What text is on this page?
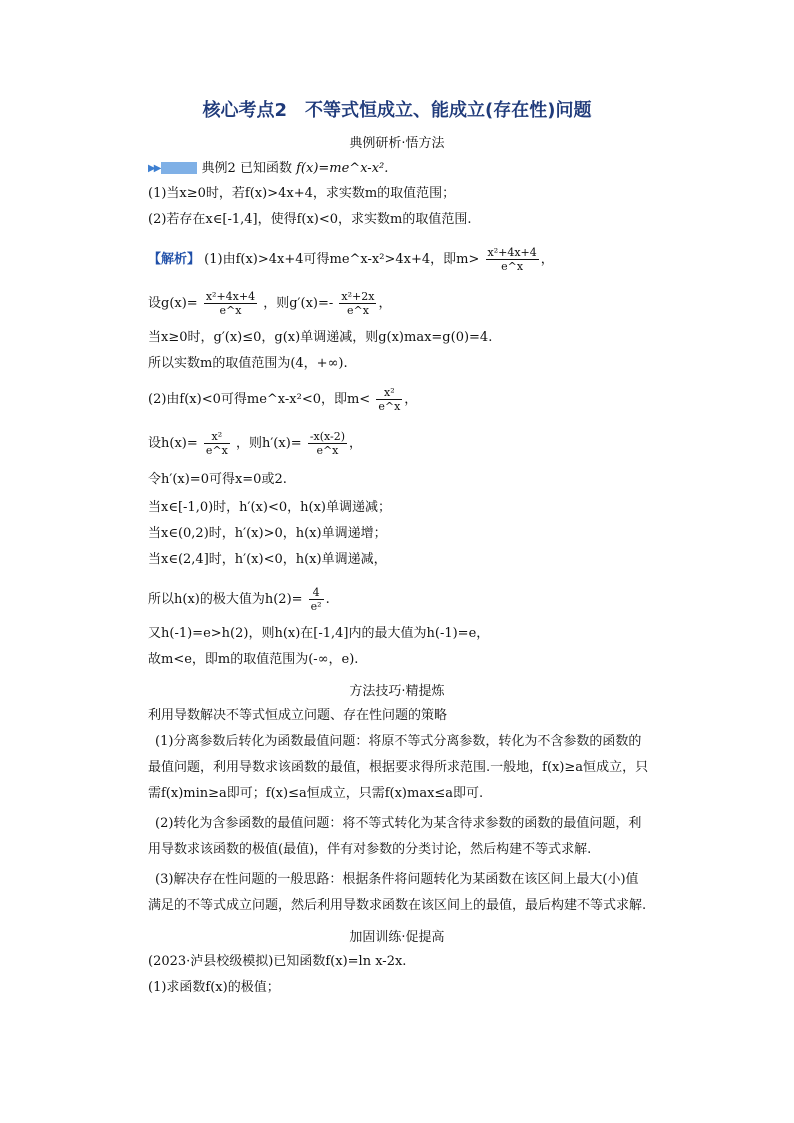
核心考点2　不等式恒成立、能成立(存在性)问题
典例研析·悟方法
▶▶	典例2 已知函数 f(x)=me^x-x².
(1)当x≥0时，若f(x)>4x+4，求实数m的取值范围；
(2)若存在x∈[-1,4]，使得f(x)<0，求实数m的取值范围.
【解析】 (1)由f(x)>4x+4可得me^x-x²>4x+4，即$m> \frac{\text{x²+4x+4}}{e\^{}x}$ ，
设$g(x)= \frac{\text{x²+4x+4}}{e\^{}x}$ ，则$g'(x)=- \frac{\text{x²+2x}}{e\^{}x}$ ，
当x≥0时，g′(x)≤0，g(x)单调递减，则g(x)max=g(0)=4.
所以实数m的取值范围为(4，+∞).
(2)由f(x)<0可得me^x-x²<0，即$m< \frac{\text{x²}}{e\^{}x}$ ，
设$h(x)= \frac{\text{x²}}{e\^{}x}$ ，则$h'(x)= \frac{-x(x-2)}{e\^{}x}$ ，
令h′(x)=0可得x=0或2.
当x∈[-1,0)时，h′(x)<0，h(x)单调递减；
当x∈(0,2)时，h′(x)>0，h(x)单调递增；
当x∈(2,4]时，h′(x)<0，h(x)单调递减，
所以h(x)的极大值为$h(2)= \frac{4}{\text{e²}}$ .
又h(-1)=e>h(2)，则h(x)在[-1,4]内的最大值为h(-1)=e，
故m<e，即m的取值范围为(-∞，e).
方法技巧·精提炼
利用导数解决不等式恒成立问题、存在性问题的策略
(1)分离参数后转化为函数最值问题：将原不等式分离参数，转化为不含参数的函数的
最值问题，利用导数求该函数的最值，根据要求得所求范围.一般地，f(x)≥a恒成立，只
需f(x)min≥a即可；f(x)≤a恒成立，只需f(x)max≤a即可.
(2)转化为含参函数的最值问题：将不等式转化为某含待求参数的函数的最值问题，利
用导数求该函数的极值(最值)，伴有对参数的分类讨论，然后构建不等式求解.
(3)解决存在性问题的一般思路：根据条件将问题转化为某函数在该区间上最大(小)值
满足的不等式成立问题，然后利用导数求函数在该区间上的最值，最后构建不等式求解.
加固训练·促提高
(2023·泸县校级模拟)已知函数f(x)=ln x-2x.
(1)求函数f(x)的极值；
